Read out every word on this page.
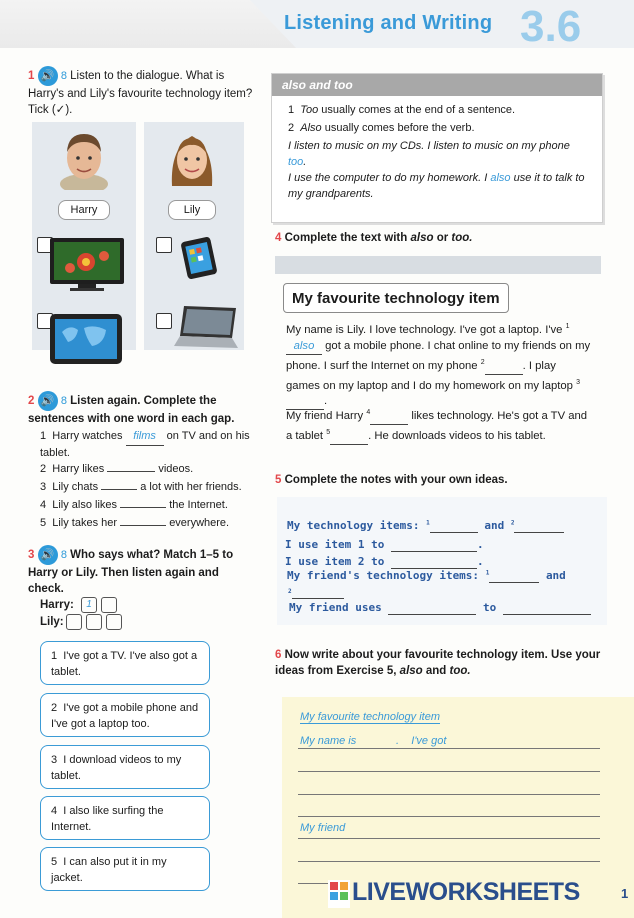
Listening and Writing 3.6
1 🔊 8 Listen to the dialogue. What is Harry's and Lily's favourite technology item? Tick (✓).
Harry	Lily
2 🔊 8 Listen again. Complete the sentences with one word in each gap.
1 Harry watches films on TV and on his tablet.
2 Harry likes	videos.
3 Lily chats	a lot with her friends.
4 Lily also likes	the Internet.
5 Lily takes her	everywhere.
3 🔊 8 Who says what? Match 1–5 to Harry or Lily. Then listen again and check.
Harry:	1
Lily:
1 I've got a TV. I've also got a tablet.
2 I've got a mobile phone and I've got a laptop too.
3 I download videos to my tablet.
4 I also like surfing the Internet.
5 I can also put it in my jacket.
also and too
1 Too usually comes at the end of a sentence.
2 Also usually comes before the verb.
I listen to music on my CDs. I listen to music on my phone too.
I use the computer to do my homework. I also use it to talk to my grandparents.
4 Complete the text with also or too.
My favourite technology item
My name is Lily. I love technology. I've got a laptop. I've $^1$ also got a mobile phone. I chat online to my friends on my phone. I surf the Internet on my phone $^2$	. I play games on my laptop and I do my homework on my laptop $^3$ .
My friend Harry $^4$	likes technology. He's got a TV and a tablet $^5$	. He downloads videos to his tablet.
5 Complete the notes with your own ideas.
My technology items: $^1$	and $^2$
I use item 1 to	.
I use item 2 to	.
My friend's technology items: $^1$	and
$^2$
My friend uses	to
6 Now write about your favourite technology item. Use your ideas from Exercise 5, also and too.
My favourite technology item
My name is             .    I've got
My friend
LIVEWORKSHEETS	1
